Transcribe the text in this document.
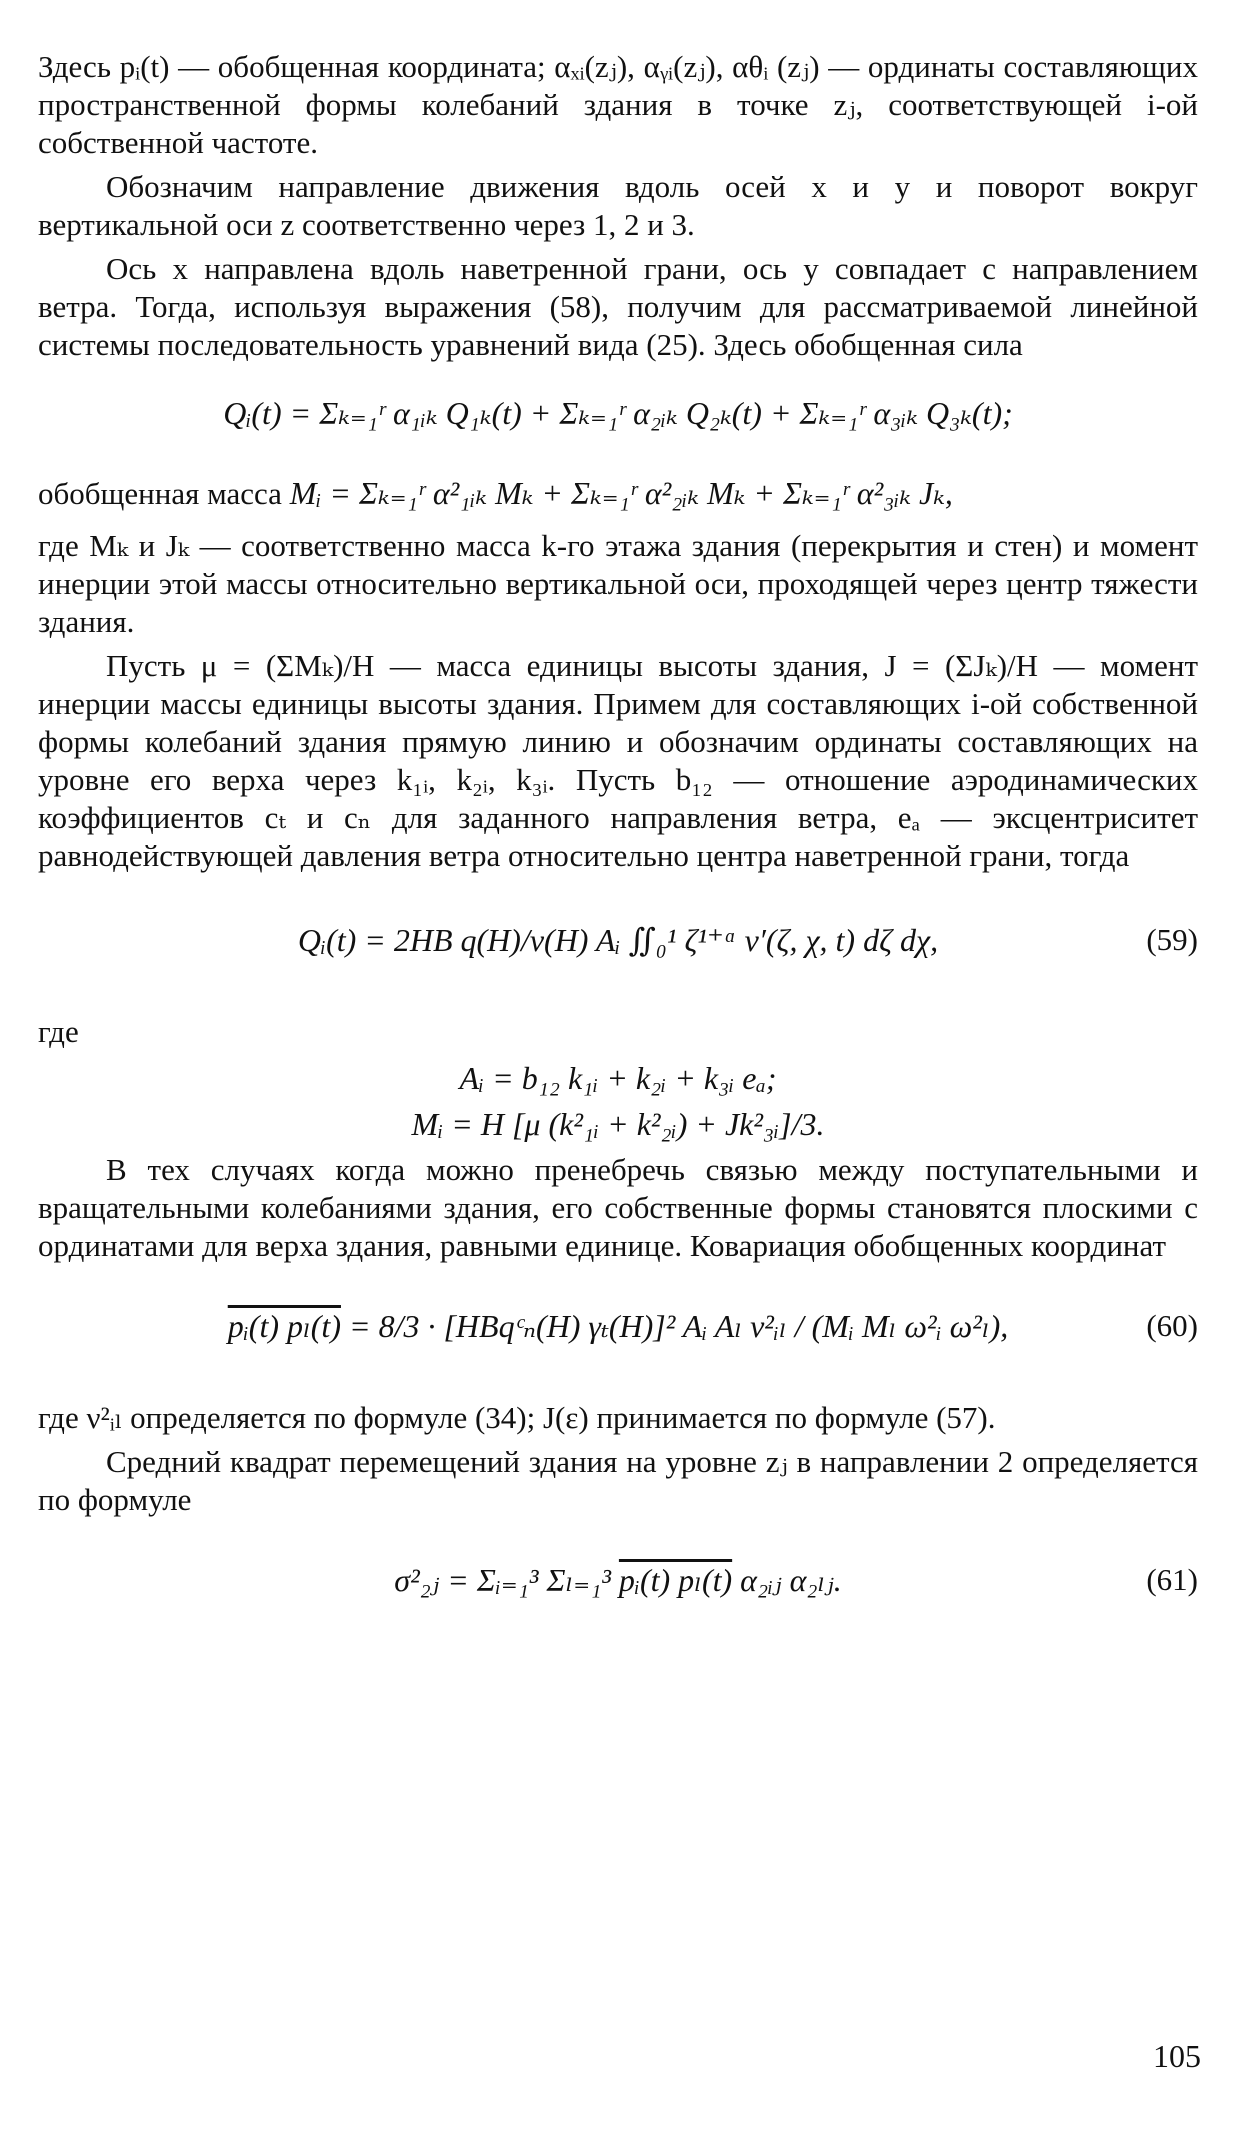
Здесь pᵢ(t) — обобщенная координата; αₓᵢ(zⱼ), αᵧᵢ(zⱼ), αθᵢ (zⱼ) — ординаты составляющих пространственной формы колебаний здания в точке zⱼ, соответствующей i-ой собственной частоте.

Обозначим направление движения вдоль осей x и y и поворот вокруг вертикальной оси z соответственно через 1, 2 и 3.

Ось x направлена вдоль наветренной грани, ось y совпадает с направлением ветра. Тогда, используя выражения (58), получим для рассматриваемой линейной системы последовательность уравнений вида (25). Здесь обобщенная сила

Qᵢ(t) = Σₖ₌₁ʳ α₁ᵢₖ Q₁ₖ(t) + Σₖ₌₁ʳ α₂ᵢₖ Q₂ₖ(t) + Σₖ₌₁ʳ α₃ᵢₖ Q₃ₖ(t);
обобщенная масса Mᵢ = Σₖ₌₁ʳ α²₁ᵢₖ Mₖ + Σₖ₌₁ʳ α²₂ᵢₖ Mₖ + Σₖ₌₁ʳ α²₃ᵢₖ Jₖ,

где Mₖ и Jₖ — соответственно масса k-го этажа здания (перекрытия и стен) и момент инерции этой массы относительно вертикальной оси, проходящей через центр тяжести здания.

Пусть μ = (ΣMₖ)/H — масса единицы высоты здания, J = (ΣJₖ)/H — момент инерции массы единицы высоты здания. Примем для составляющих i-ой собственной формы колебаний здания прямую линию и обозначим ординаты составляющих на уровне его верха через k₁ᵢ, k₂ᵢ, k₃ᵢ. Пусть b₁₂ — отношение аэродинамических коэффициентов cₜ и cₙ для заданного направления ветра, eₐ — эксцентриситет равнодействующей давления ветра относительно центра наветренной грани, тогда

Qᵢ(t) = 2HB q(H)/v(H) Aᵢ ∬₀¹ ζ¹⁺ᵅ v′(ζ, χ, t) dζ dχ,	(59)

где

Aᵢ = b₁₂ k₁ᵢ + k₂ᵢ + k₃ᵢ eₐ;
Mᵢ = H [μ (k²₁ᵢ + k²₂ᵢ) + Jk²₃ᵢ]/3.

В тех случаях когда можно пренебречь связью между поступательными и вращательными колебаниями здания, его собственные формы становятся плоскими с ординатами для верха здания, равными единице. Ковариация обобщенных координат

pᵢ(t) pₗ(t) = 8/3 · [HBqᶜₙ(H) γₜ(H)]² Aᵢ Aₗ ν²ᵢₗ / (Mᵢ Mₗ ω²ᵢ ω²ₗ),	(60)

где ν²ᵢₗ определяется по формуле (34); J(ε) принимается по формуле (57).

Средний квадрат перемещений здания на уровне zⱼ в направлении 2 определяется по формуле

σ²₂ⱼ = Σᵢ₌₁³ Σₗ₌₁³ pᵢ(t) pₗ(t) α₂ᵢⱼ α₂ₗⱼ.	(61)
105
